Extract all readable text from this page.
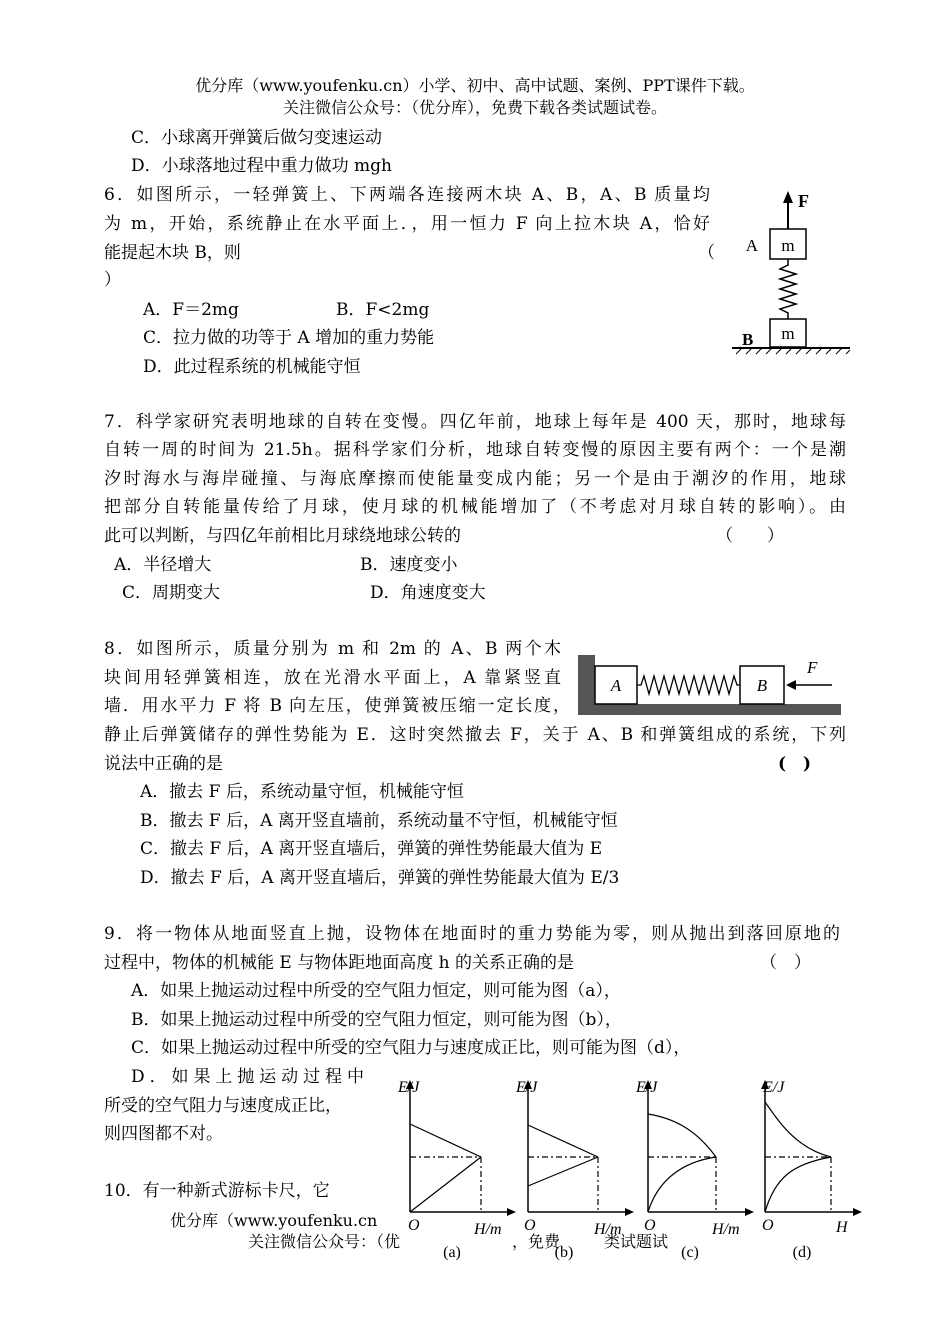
优分库（www.youfenku.cn）小学、初中、高中试题、案例、PPT课件下载。
关注微信公众号：（优分库），免费下载各类试题试卷。
C．小球离开弹簧后做匀变速运动
D．小球落地过程中重力做功 mgh
6．如图所示，一轻弹簧上、下两端各连接两木块 A、B，A、B 质量均
为 m，开始，系统静止在水平面上．，用一恒力 F 向上拉木块 A，恰好
能提起木块 B，则	（
）
A．F＝2mg	B．F<2mg
C．拉力做的功等于 A 增加的重力势能
D．此过程系统的机械能守恒
F
m
A
m
B
7．科学家研究表明地球的自转在变慢。四亿年前，地球上每年是 400 天，那时，地球每
自转一周的时间为 21.5h。据科学家们分析，地球自转变慢的原因主要有两个：一个是潮
汐时海水与海岸碰撞、与海底摩擦而使能量变成内能；另一个是由于潮汐的作用，地球
把部分自转能量传给了月球，使月球的机械能增加了（不考虑对月球自转的影响）。由
此可以判断，与四亿年前相比月球绕地球公转的	（　　）
A．半径增大	B．速度变小
C．周期变大	D．角速度变大
8．如图所示，质量分别为 m 和 2m 的 A、B 两个木
块间用轻弹簧相连，放在光滑水平面上，A 靠紧竖直
墙．用水平力 F 将 B 向左压，使弹簧被压缩一定长度，
静止后弹簧储存的弹性势能为 E．这时突然撤去 F，关于 A、B 和弹簧组成的系统，下列
说法中正确的是	(　)
A．撤去 F 后，系统动量守恒，机械能守恒
B．撤去 F 后，A 离开竖直墙前，系统动量不守恒，机械能守恒
C．撤去 F 后，A 离开竖直墙后，弹簧的弹性势能最大值为 E
D．撤去 F 后，A 离开竖直墙后，弹簧的弹性势能最大值为 E/3
A	B
F
9．将一物体从地面竖直上抛，设物体在地面时的重力势能为零，则从抛出到落回原地的
过程中，物体的机械能 E 与物体距地面高度 h 的关系正确的是	（　）
A．如果上抛运动过程中所受的空气阻力恒定，则可能为图（a），
B．如果上抛运动过程中所受的空气阻力恒定，则可能为图（b），
C．如果上抛运动过程中所受的空气阻力与速度成正比，则可能为图（d），
D．如果上抛运动过程中
所受的空气阻力与速度成正比，
则四图都不对。
10．有一种新式游标卡尺，它
E/J
O	H/m
(a)
E/J
O	H/m
(b)
E/J
O	H/m
(c)
E/J
O	H
(d)
优分库（www.youfenku.cn
关注微信公众号：（优	，免费	类试题试
